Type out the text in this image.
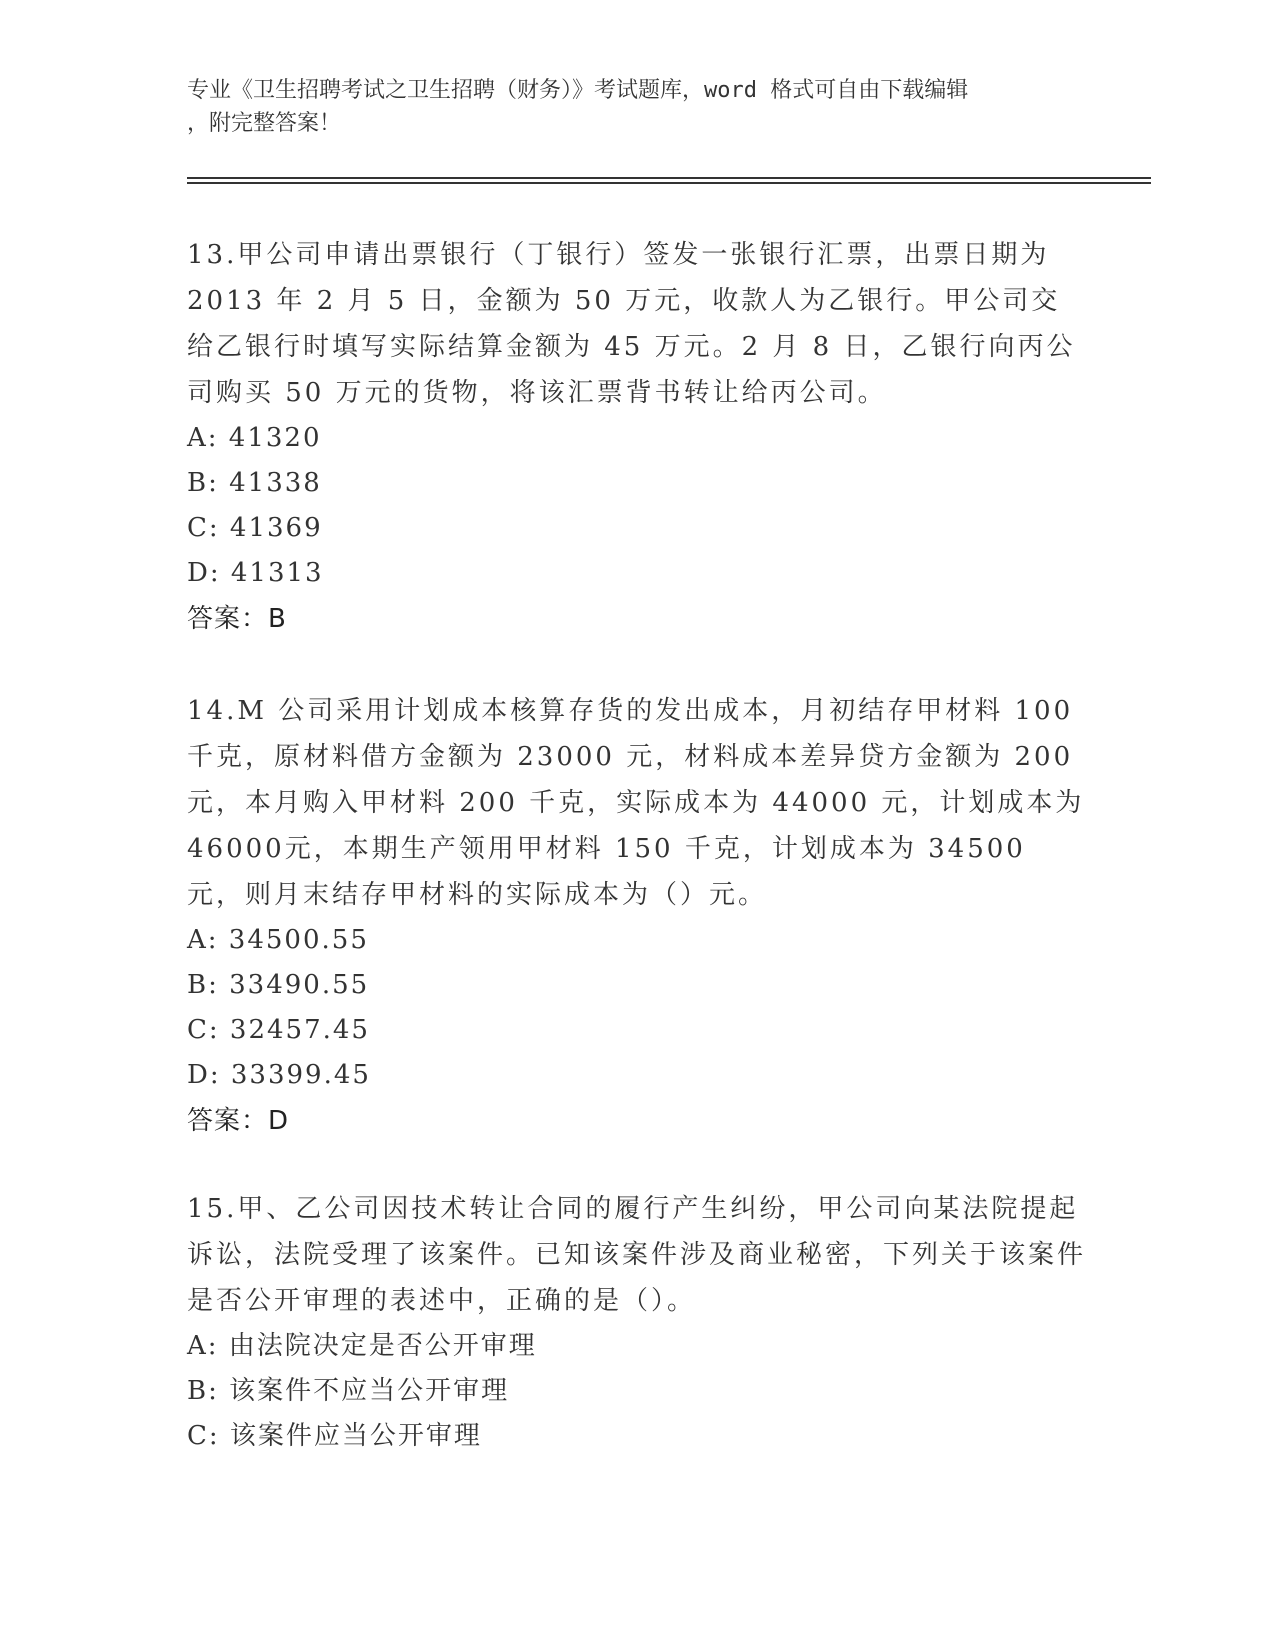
专业《卫生招聘考试之卫生招聘（财务）》考试题库，word 格式可自由下载编辑
，附完整答案！

13.甲公司申请出票银行（丁银行）签发一张银行汇票，出票日期为2013 年 2 月 5 日，金额为 50 万元，收款人为乙银行。甲公司交给乙银行时填写实际结算金额为 45 万元。2 月 8 日，乙银行向丙公司购买 50 万元的货物，将该汇票背书转让给丙公司。

A: 41320
B: 41338
C: 41369
D: 41313
答案：B

14.M 公司采用计划成本核算存货的发出成本，月初结存甲材料 100 千克，原材料借方金额为 23000 元，材料成本差异贷方金额为 200 元，本月购入甲材料 200 千克，实际成本为 44000 元，计划成本为 46000元，本期生产领用甲材料 150 千克，计划成本为 34500 元，则月末结存甲材料的实际成本为（）元。

A: 34500.55
B: 33490.55
C: 32457.45
D: 33399.45
答案：D

15.甲、乙公司因技术转让合同的履行产生纠纷，甲公司向某法院提起诉讼，法院受理了该案件。已知该案件涉及商业秘密，下列关于该案件是否公开审理的表述中，正确的是（）。

A: 由法院决定是否公开审理
B: 该案件不应当公开审理
C: 该案件应当公开审理
